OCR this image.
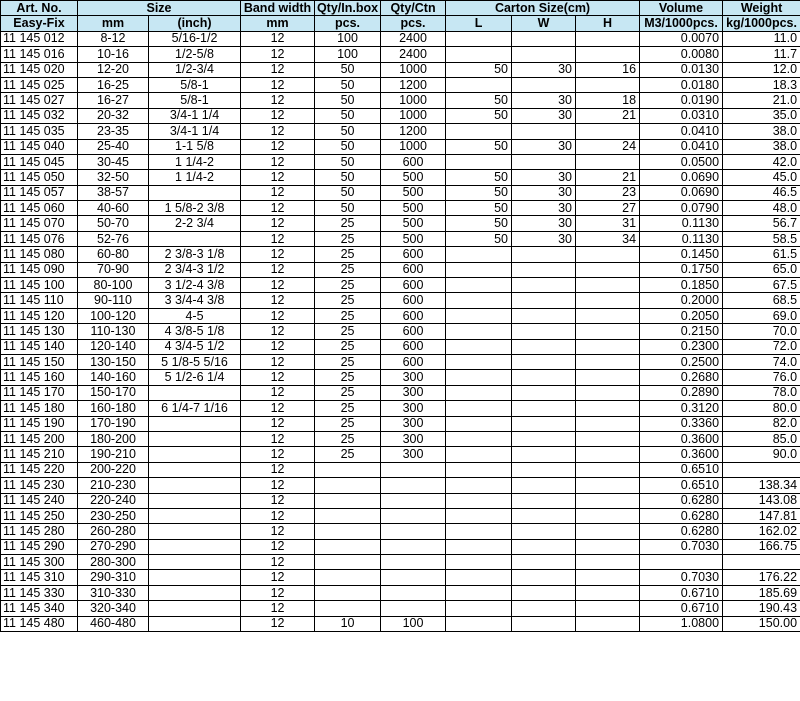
Art. No.	Size		Band width	Qty/In.box	Qty/Ctn	Carton Size(cm)			Volume	Weight
Easy-Fix	mm	(inch)	mm	pcs.	pcs.	L	W	H	M3/1000pcs.	kg/1000pcs.
11 145 012	8-12	5/16-1/2	12	100	2400				0.0070	11.0
11 145 016	10-16	1/2-5/8	12	100	2400				0.0080	11.7
11 145 020	12-20	1/2-3/4	12	50	1000	50	30	16	0.0130	12.0
11 145 025	16-25	5/8-1	12	50	1200				0.0180	18.3
11 145 027	16-27	5/8-1	12	50	1000	50	30	18	0.0190	21.0
11 145 032	20-32	3/4-1 1/4	12	50	1000	50	30	21	0.0310	35.0
11 145 035	23-35	3/4-1 1/4	12	50	1200				0.0410	38.0
11 145 040	25-40	1-1 5/8	12	50	1000	50	30	24	0.0410	38.0
11 145 045	30-45	1 1/4-2	12	50	600				0.0500	42.0
11 145 050	32-50	1 1/4-2	12	50	500	50	30	21	0.0690	45.0
11 145 057	38-57		12	50	500	50	30	23	0.0690	46.5
11 145 060	40-60	1 5/8-2 3/8	12	50	500	50	30	27	0.0790	48.0
11 145 070	50-70	2-2 3/4	12	25	500	50	30	31	0.1130	56.7
11 145 076	52-76		12	25	500	50	30	34	0.1130	58.5
11 145 080	60-80	2 3/8-3 1/8	12	25	600				0.1450	61.5
11 145 090	70-90	2 3/4-3 1/2	12	25	600				0.1750	65.0
11 145 100	80-100	3 1/2-4 3/8	12	25	600				0.1850	67.5
11 145 110	90-110	3 3/4-4 3/8	12	25	600				0.2000	68.5
11 145 120	100-120	4-5	12	25	600				0.2050	69.0
11 145 130	110-130	4 3/8-5 1/8	12	25	600				0.2150	70.0
11 145 140	120-140	4 3/4-5 1/2	12	25	600				0.2300	72.0
11 145 150	130-150	5 1/8-5 5/16	12	25	600				0.2500	74.0
11 145 160	140-160	5 1/2-6 1/4	12	25	300				0.2680	76.0
11 145 170	150-170		12	25	300				0.2890	78.0
11 145 180	160-180	6 1/4-7 1/16	12	25	300				0.3120	80.0
11 145 190	170-190		12	25	300				0.3360	82.0
11 145 200	180-200		12	25	300				0.3600	85.0
11 145 210	190-210		12	25	300				0.3600	90.0
11 145 220	200-220		12						0.6510	
11 145 230	210-230		12						0.6510	138.34
11 145 240	220-240		12						0.6280	143.08
11 145 250	230-250		12						0.6280	147.81
11 145 280	260-280		12						0.6280	162.02
11 145 290	270-290		12						0.7030	166.75
11 145 300	280-300		12							
11 145 310	290-310		12						0.7030	176.22
11 145 330	310-330		12						0.6710	185.69
11 145 340	320-340		12						0.6710	190.43
11 145 480	460-480		12	10	100				1.0800	150.00
